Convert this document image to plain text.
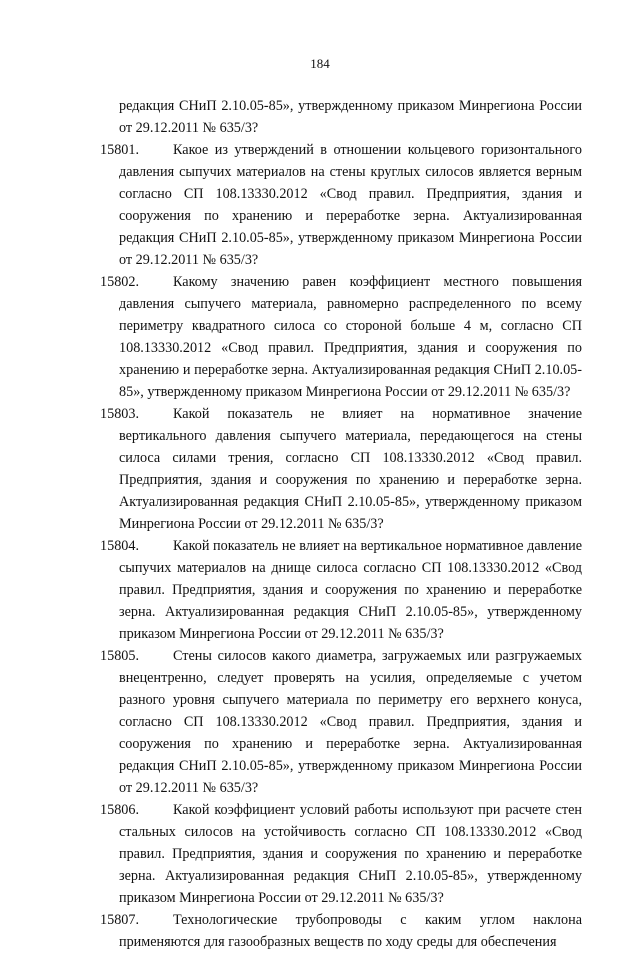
184
редакция СНиП 2.10.05-85», утвержденному приказом Минрегиона России от 29.12.2011 № 635/3?
15801. Какое из утверждений в отношении кольцевого горизонтального давления сыпучих материалов на стены круглых силосов является верным согласно СП 108.13330.2012 «Свод правил. Предприятия, здания и сооружения по хранению и переработке зерна. Актуализированная редакция СНиП 2.10.05-85», утвержденному приказом Минрегиона России от 29.12.2011 № 635/3?
15802. Какому значению равен коэффициент местного повышения давления сыпучего материала, равномерно распределенного по всему периметру квадратного силоса со стороной больше 4 м, согласно СП 108.13330.2012 «Свод правил. Предприятия, здания и сооружения по хранению и переработке зерна. Актуализированная редакция СНиП 2.10.05-85», утвержденному приказом Минрегиона России от 29.12.2011 № 635/3?
15803. Какой показатель не влияет на нормативное значение вертикального давления сыпучего материала, передающегося на стены силоса силами трения, согласно СП 108.13330.2012 «Свод правил. Предприятия, здания и сооружения по хранению и переработке зерна. Актуализированная редакция СНиП 2.10.05-85», утвержденному приказом Минрегиона России от 29.12.2011 № 635/3?
15804. Какой показатель не влияет на вертикальное нормативное давление сыпучих материалов на днище силоса согласно СП 108.13330.2012 «Свод правил. Предприятия, здания и сооружения по хранению и переработке зерна. Актуализированная редакция СНиП 2.10.05-85», утвержденному приказом Минрегиона России от 29.12.2011 № 635/3?
15805. Стены силосов какого диаметра, загружаемых или разгружаемых внецентренно, следует проверять на усилия, определяемые с учетом разного уровня сыпучего материала по периметру его верхнего конуса, согласно СП 108.13330.2012 «Свод правил. Предприятия, здания и сооружения по хранению и переработке зерна. Актуализированная редакция СНиП 2.10.05-85», утвержденному приказом Минрегиона России от 29.12.2011 № 635/3?
15806. Какой коэффициент условий работы используют при расчете стен стальных силосов на устойчивость согласно СП 108.13330.2012 «Свод правил. Предприятия, здания и сооружения по хранению и переработке зерна. Актуализированная редакция СНиП 2.10.05-85», утвержденному приказом Минрегиона России от 29.12.2011 № 635/3?
15807. Технологические трубопроводы с каким углом наклона применяются для газообразных веществ по ходу среды для обеспечения
